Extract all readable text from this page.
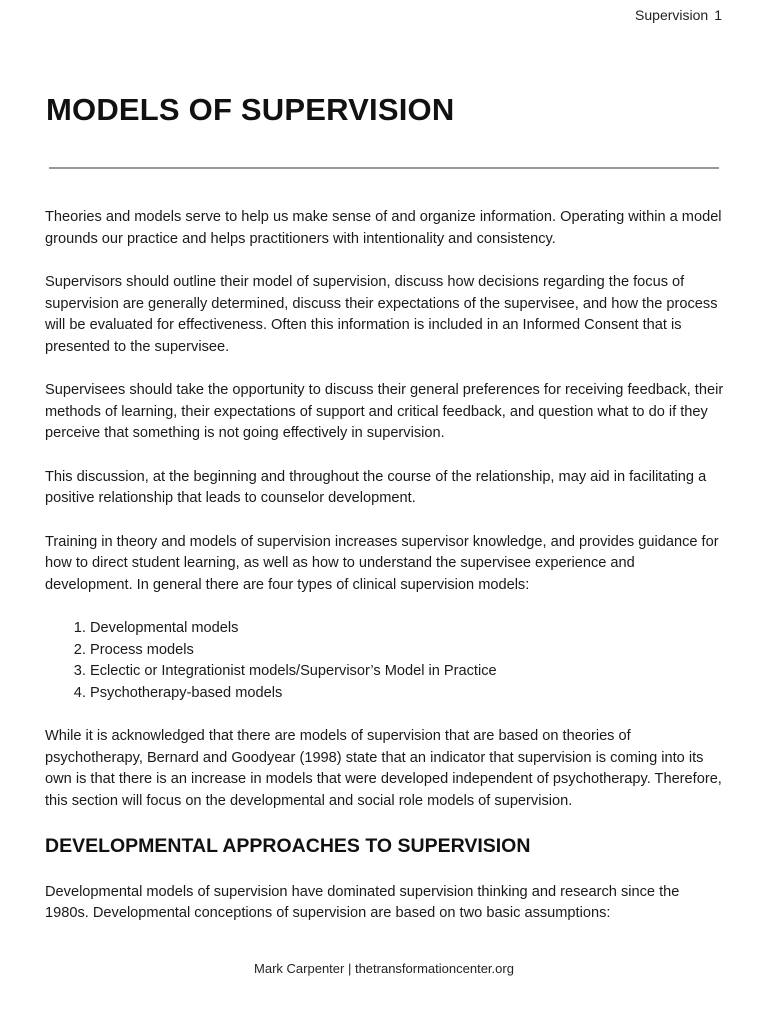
Supervision 1
MODELS OF SUPERVISION

Theories and models serve to help us make sense of and organize information. Operating within a model grounds our practice and helps practitioners with intentionality and consistency.

Supervisors should outline their model of supervision, discuss how decisions regarding the focus of supervision are generally determined, discuss their expectations of the supervisee, and how the process will be evaluated for effectiveness. Often this information is included in an Informed Consent that is presented to the supervisee.

Supervisees should take the opportunity to discuss their general preferences for receiving feedback, their methods of learning, their expectations of support and critical feedback, and question what to do if they perceive that something is not going effectively in supervision.

This discussion, at the beginning and throughout the course of the relationship, may aid in facilitating a positive relationship that leads to counselor development.

Training in theory and models of supervision increases supervisor knowledge, and provides guidance for how to direct student learning, as well as how to understand the supervisee experience and development. In general there are four types of clinical supervision models:

1. Developmental models
2. Process models
3. Eclectic or Integrationist models/Supervisor’s Model in Practice
4. Psychotherapy-based models

While it is acknowledged that there are models of supervision that are based on theories of psychotherapy, Bernard and Goodyear (1998) state that an indicator that supervision is coming into its own is that there is an increase in models that were developed independent of psychotherapy. Therefore, this section will focus on the developmental and social role models of supervision.

DEVELOPMENTAL APPROACHES TO SUPERVISION

Developmental models of supervision have dominated supervision thinking and research since the 1980s. Developmental conceptions of supervision are based on two basic assumptions:

Mark Carpenter | thetransformationcenter.org
